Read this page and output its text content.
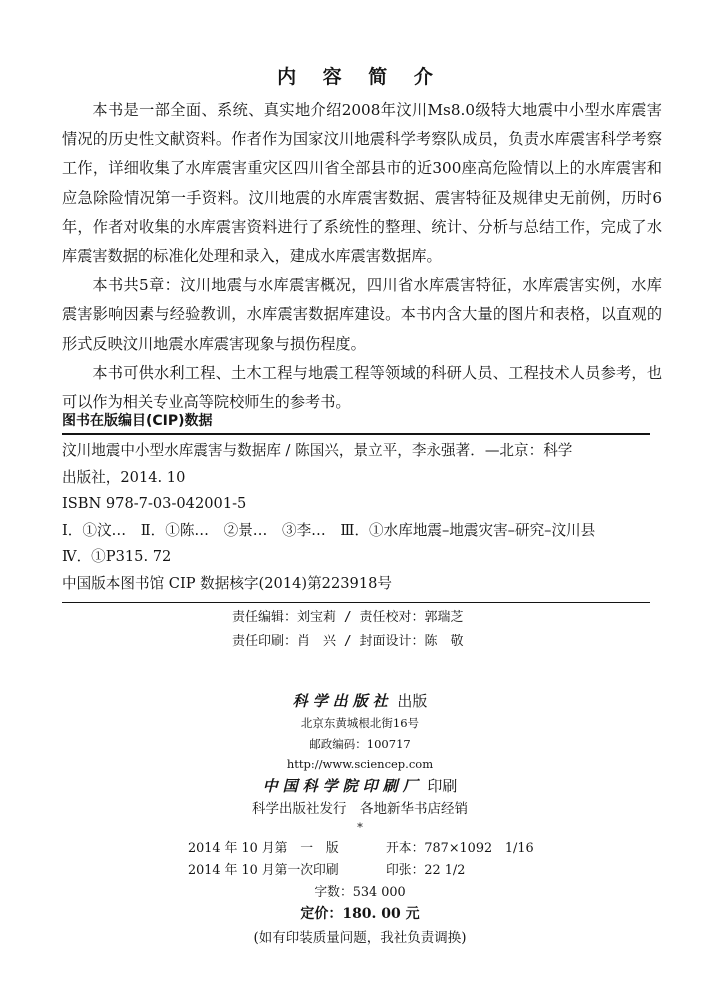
内 容 简 介

本书是一部全面、系统、真实地介绍2008年汶川Ms8.0级特大地震中小型水库震害情况的历史性文献资料。作者作为国家汶川地震科学考察队成员，负责水库震害科学考察工作，详细收集了水库震害重灾区四川省全部县市的近300座高危险情以上的水库震害和应急除险情况第一手资料。汶川地震的水库震害数据、震害特征及规律史无前例，历时6年，作者对收集的水库震害资料进行了系统性的整理、统计、分析与总结工作，完成了水库震害数据的标准化处理和录入，建成水库震害数据库。

本书共5章：汶川地震与水库震害概况，四川省水库震害特征，水库震害实例，水库震害影响因素与经验教训，水库震害数据库建设。本书内含大量的图片和表格，以直观的形式反映汶川地震水库震害现象与损伤程度。

本书可供水利工程、土木工程与地震工程等领域的科研人员、工程技术人员参考，也可以作为相关专业高等院校师生的参考书。

图书在版编目(CIP)数据
汶川地震中小型水库震害与数据库 / 陈国兴，景立平，李永强著．—北京：科学
出版社，2014. 10
ISBN 978-7-03-042001-5
Ⅰ．①汶…　Ⅱ．①陈…　②景…　③李…　Ⅲ．①水库地震–地震灾害–研究–汶川县
Ⅳ．①P315. 72
中国版本图书馆 CIP 数据核字(2014)第223918号
责任编辑：刘宝莉 / 责任校对：郭瑞芝
责任印刷：肖　兴 / 封面设计：陈　敬
科学出版社 出版
北京东黄城根北街16号
邮政编码：100717
http://www.sciencep.com
中国科学院印刷厂 印刷
科学出版社发行　各地新华书店经销
*
2014 年 10 月第　一　版	开本：787×1092　1/16
2014 年 10 月第一次印刷	印张：22 1/2
字数：534 000
定价：180. 00 元
(如有印装质量问题，我社负责调换)
